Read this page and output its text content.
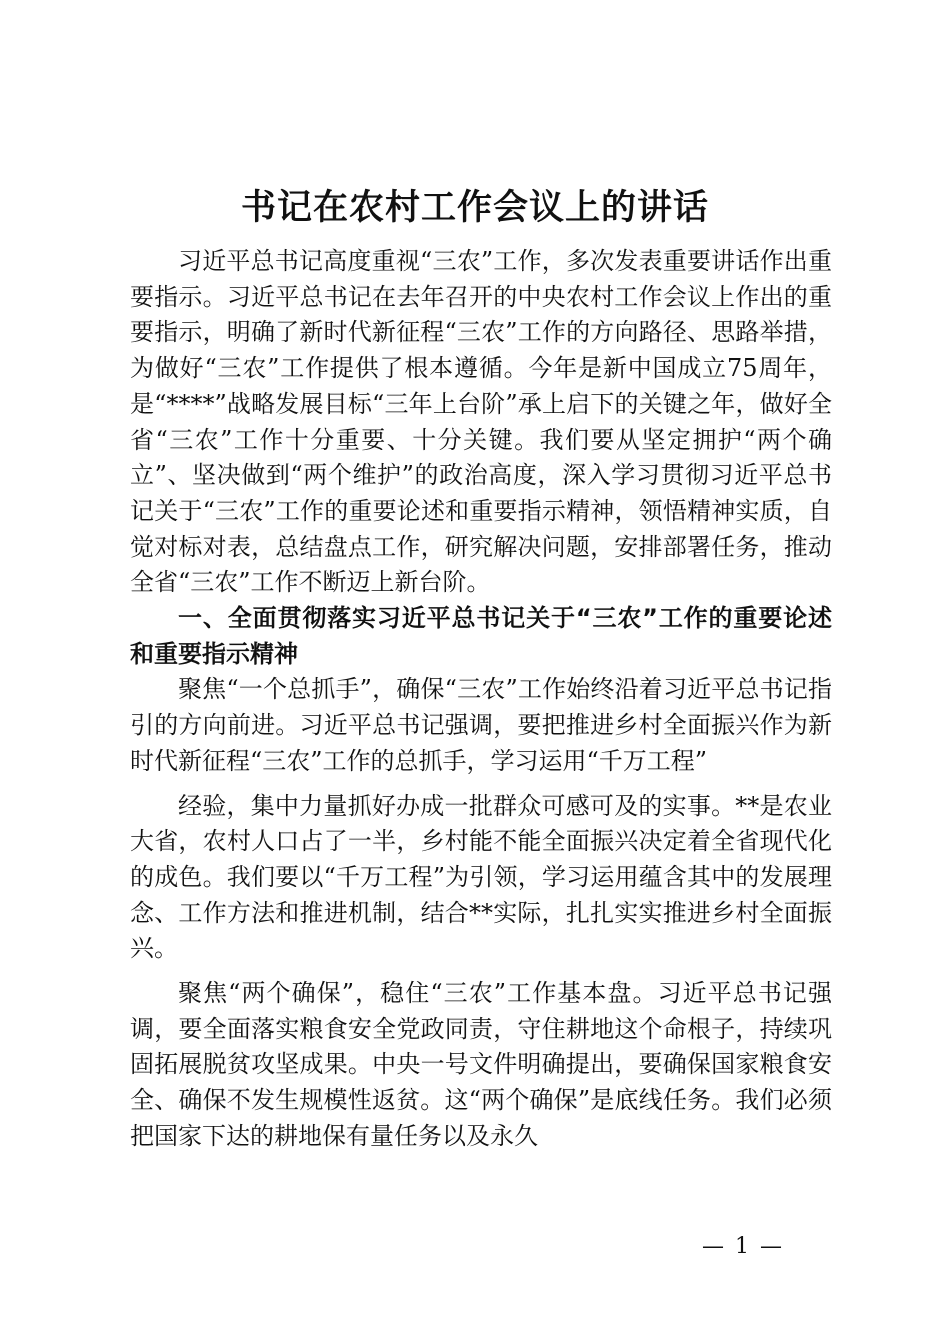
书记在农村工作会议上的讲话

习近平总书记高度重视“三农”工作，多次发表重要讲话作出重要指示。习近平总书记在去年召开的中央农村工作会议上作出的重要指示，明确了新时代新征程“三农”工作的方向路径、思路举措，为做好“三农”工作提供了根本遵循。今年是新中国成立75周年，是“****”战略发展目标“三年上台阶”承上启下的关键之年，做好全省“三农”工作十分重要、十分关键。我们要从坚定拥护“两个确立”、坚决做到“两个维护”的政治高度，深入学习贯彻习近平总书记关于“三农”工作的重要论述和重要指示精神，领悟精神实质，自觉对标对表，总结盘点工作，研究解决问题，安排部署任务，推动全省“三农”工作不断迈上新台阶。

一、全面贯彻落实习近平总书记关于“三农”工作的重要论述和重要指示精神

聚焦“一个总抓手”，确保“三农”工作始终沿着习近平总书记指引的方向前进。习近平总书记强调，要把推进乡村全面振兴作为新时代新征程“三农”工作的总抓手，学习运用“千万工程”

经验，集中力量抓好办成一批群众可感可及的实事。**是农业大省，农村人口占了一半，乡村能不能全面振兴决定着全省现代化的成色。我们要以“千万工程”为引领，学习运用蕴含其中的发展理念、工作方法和推进机制，结合**实际，扎扎实实推进乡村全面振兴。

聚焦“两个确保”，稳住“三农”工作基本盘。习近平总书记强调，要全面落实粮食安全党政同责，守住耕地这个命根子，持续巩固拓展脱贫攻坚成果。中央一号文件明确提出，要确保国家粮食安全、确保不发生规模性返贫。这“两个确保”是底线任务。我们必须把国家下达的耕地保有量任务以及永久

— 1 —
